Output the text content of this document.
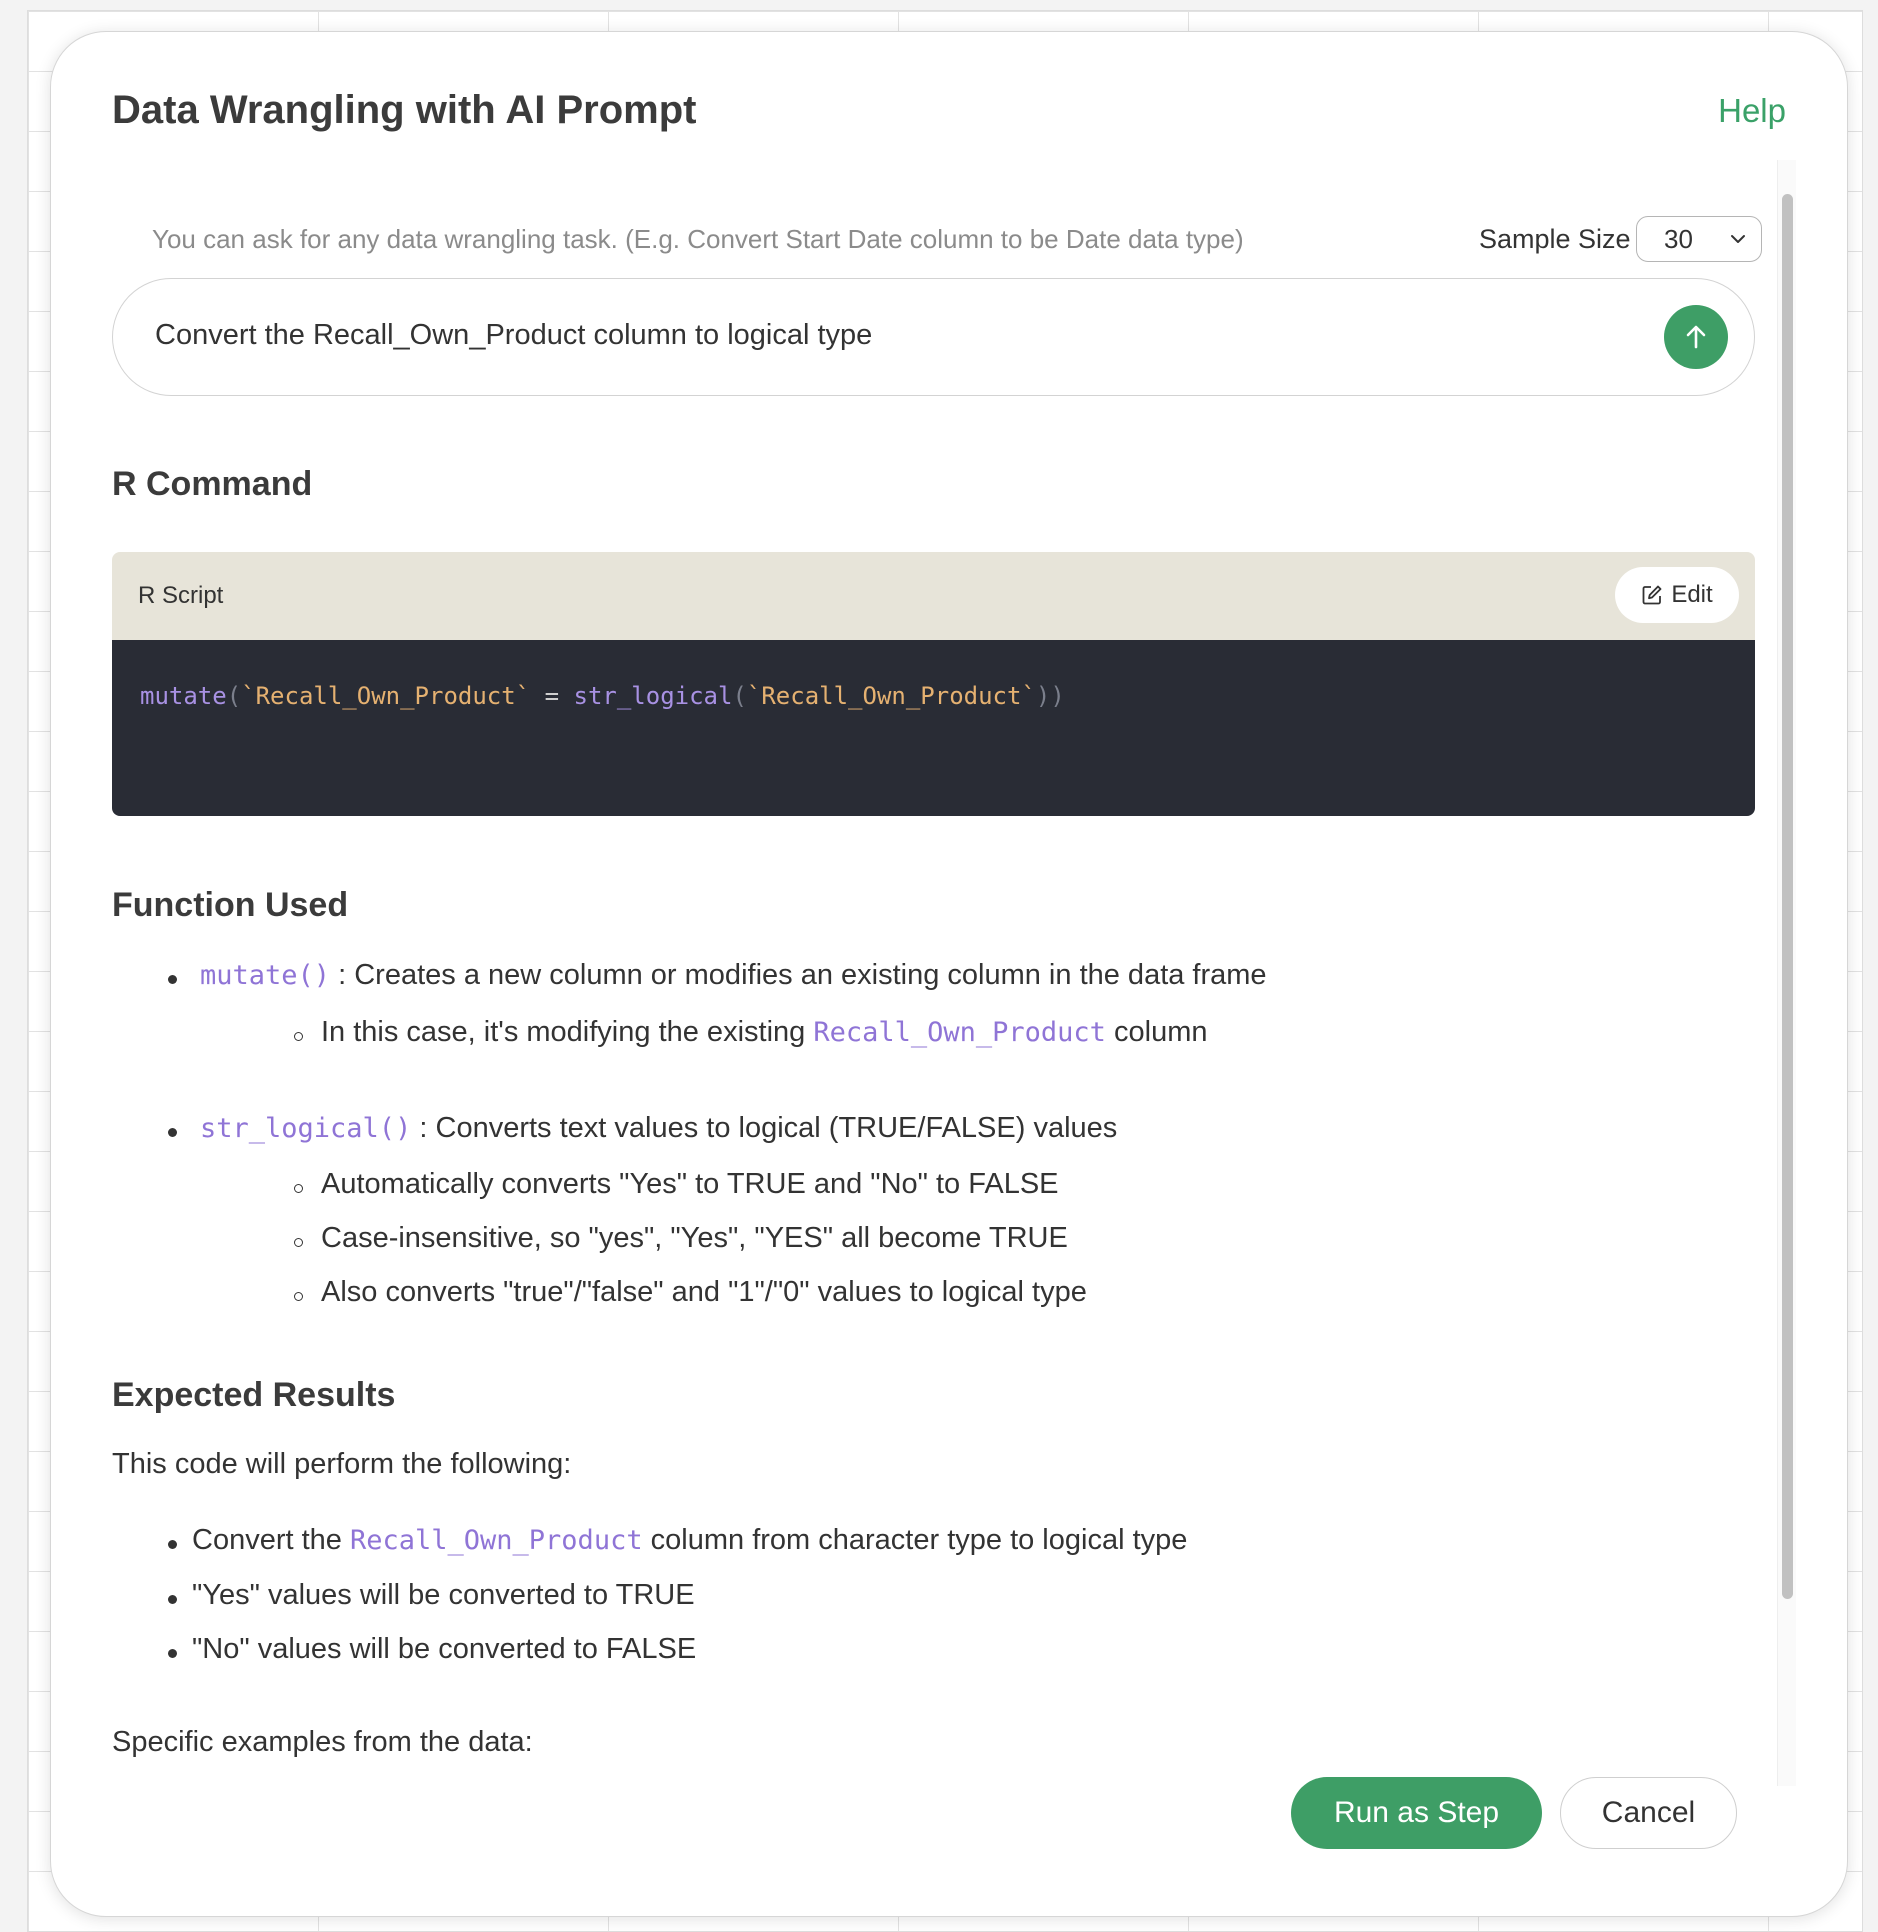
Data Wrangling with AI Prompt	Help
You can ask for any data wrangling task. (E.g. Convert Start Date column to be Date data type)	Sample Size 30
Convert the Recall_Own_Product column to logical type
R Command
R Script	Edit
mutate(`Recall_Own_Product` = str_logical(`Recall_Own_Product`))
Function Used
mutate() : Creates a new column or modifies an existing column in the data frame
In this case, it's modifying the existing Recall_Own_Product column
str_logical() : Converts text values to logical (TRUE/FALSE) values
Automatically converts "Yes" to TRUE and "No" to FALSE
Case-insensitive, so "yes", "Yes", "YES" all become TRUE
Also converts "true"/"false" and "1"/"0" values to logical type
Expected Results
This code will perform the following:
Convert the Recall_Own_Product column from character type to logical type
"Yes" values will be converted to TRUE
"No" values will be converted to FALSE
Specific examples from the data:
Run as Step	Cancel
